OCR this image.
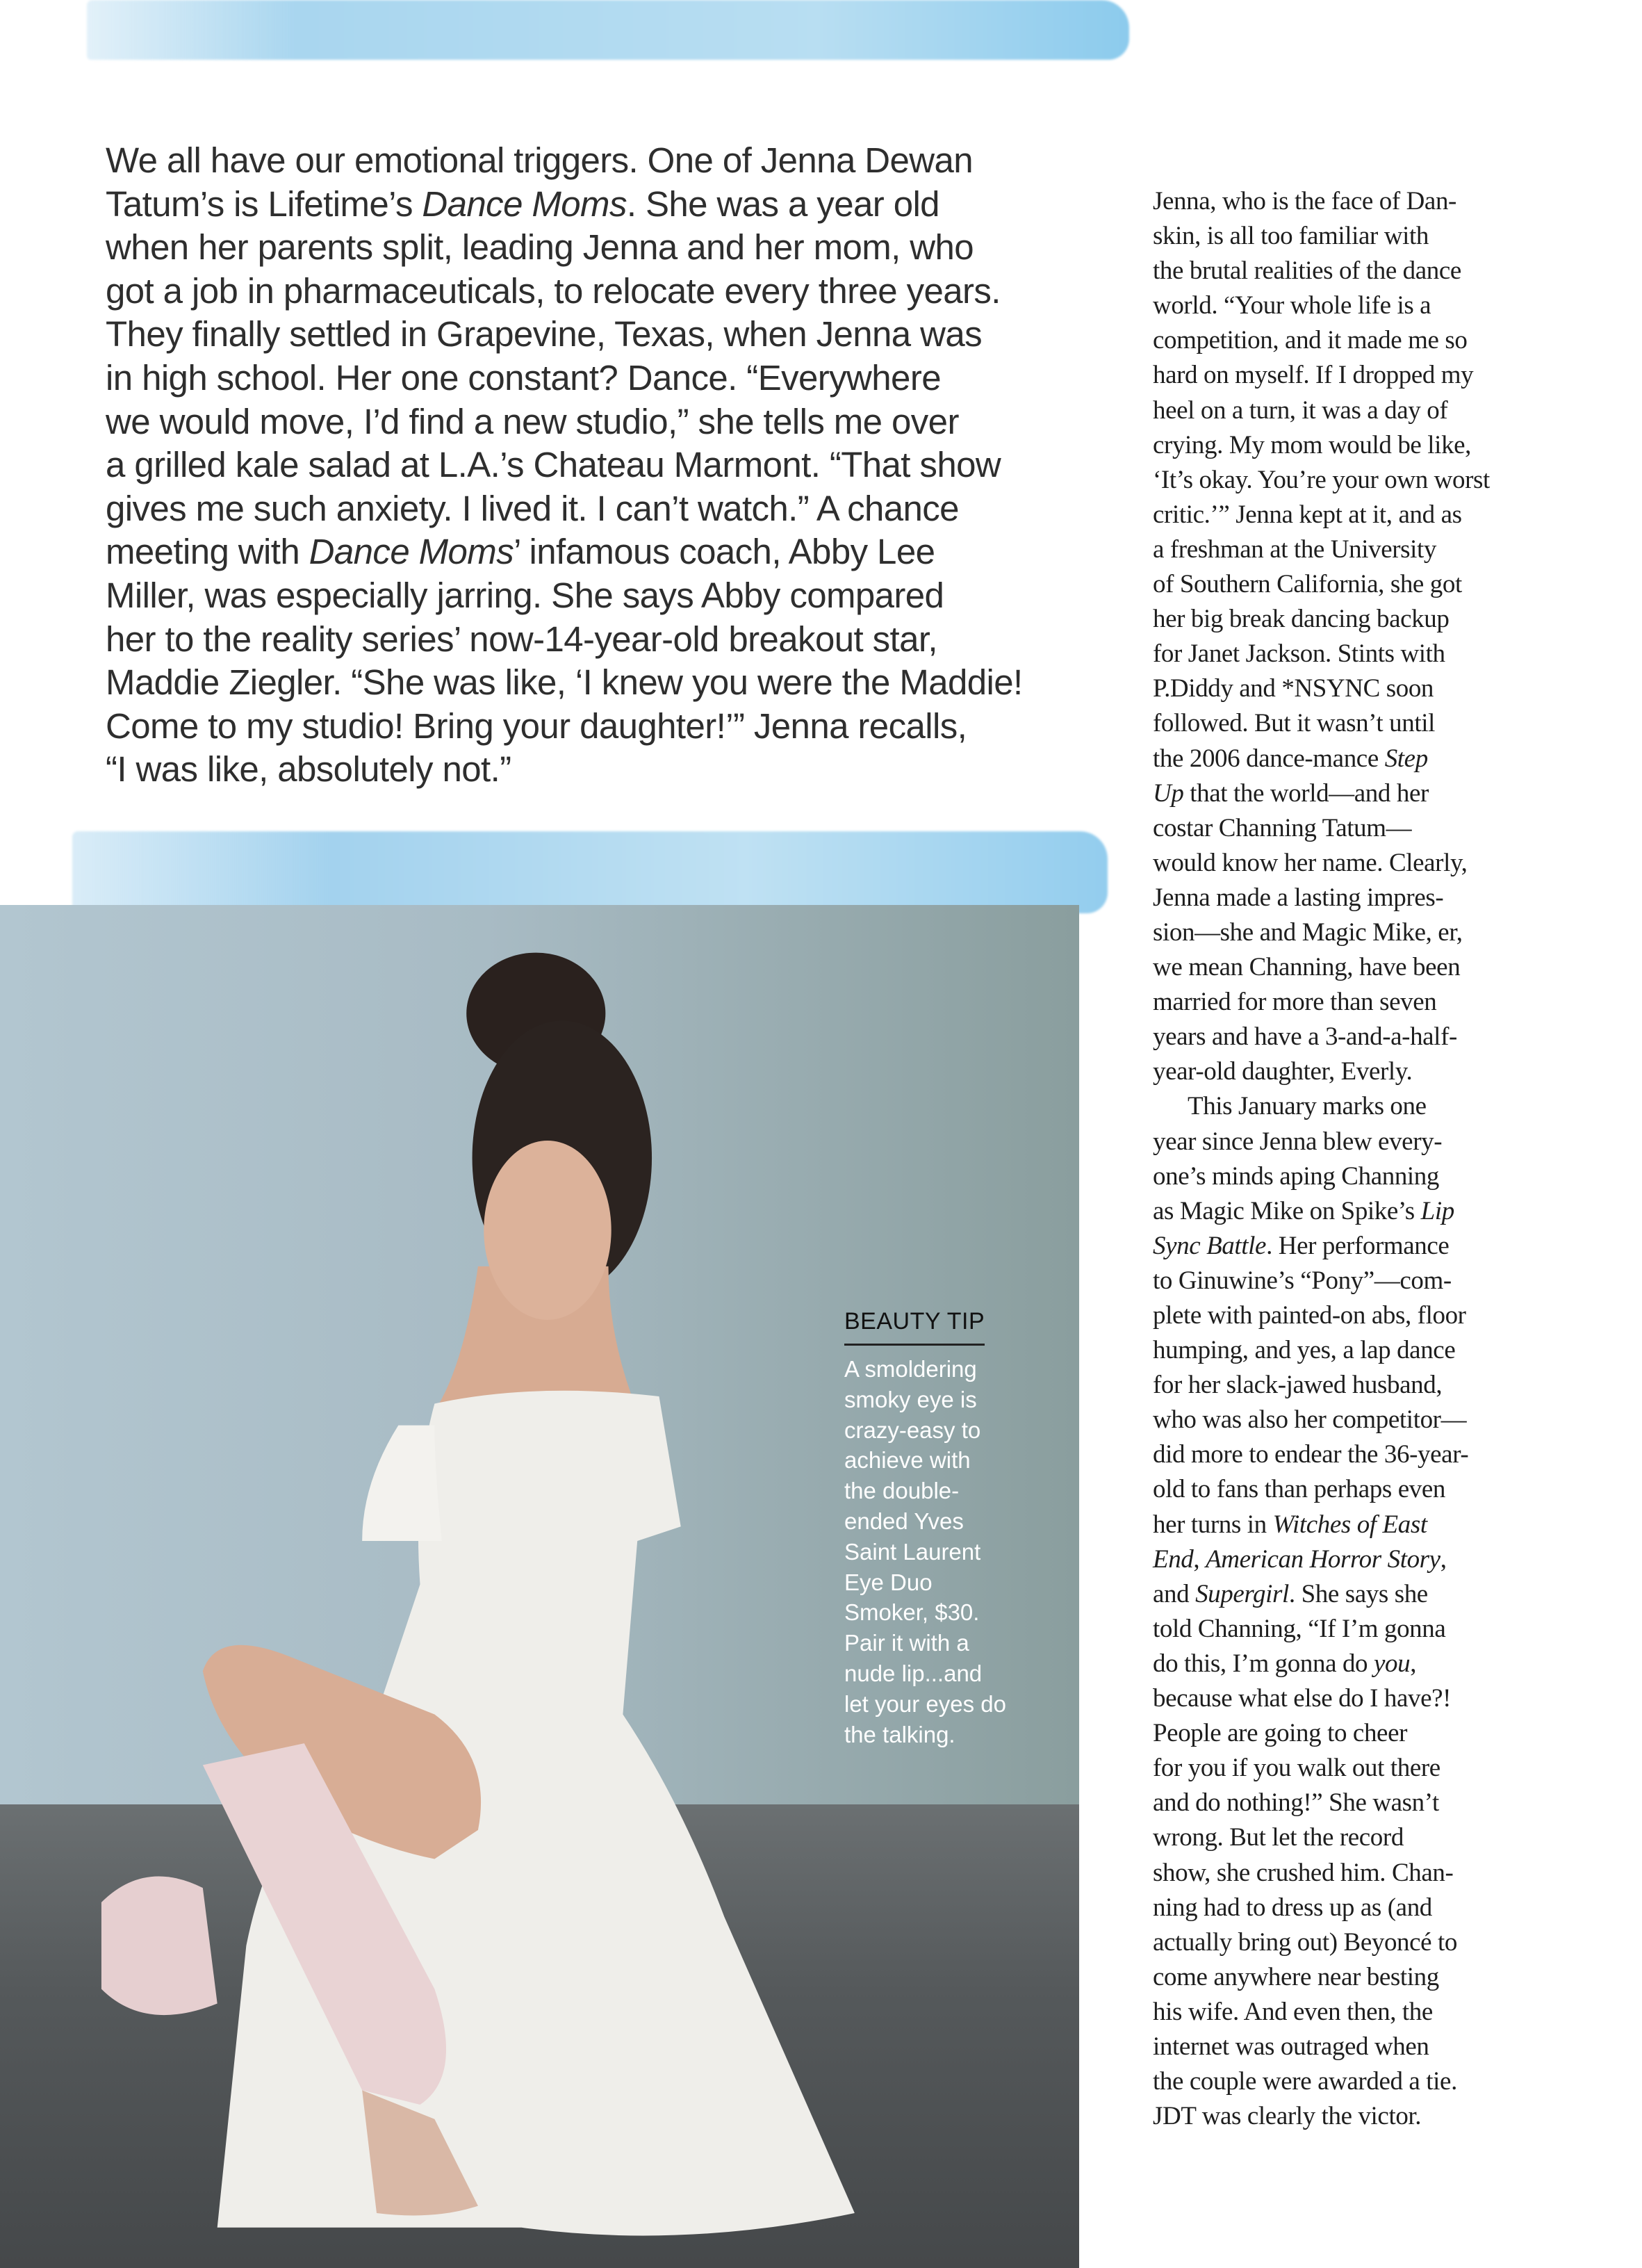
We all have our emotional triggers. One of Jenna Dewan
Tatum’s is Lifetime’s Dance Moms. She was a year old
when her parents split, leading Jenna and her mom, who
got a job in pharmaceuticals, to relocate every three years.
They finally settled in Grapevine, Texas, when Jenna was
in high school. Her one constant? Dance. “Everywhere
we would move, I’d find a new studio,” she tells me over
a grilled kale salad at L.A.’s Chateau Marmont. “That show
gives me such anxiety. I lived it. I can’t watch.” A chance
meeting with Dance Moms’ infamous coach, Abby Lee
Miller, was especially jarring. She says Abby compared
her to the reality series’ now-14-year-old breakout star,
Maddie Ziegler. “She was like, ‘I knew you were the Maddie!
Come to my studio! Bring your daughter!’” Jenna recalls,
“I was like, absolutely not.”
BEAUTY TIP
A smoldering
smoky eye is
crazy-easy to
achieve with
the double-
ended Yves
Saint Laurent
Eye Duo
Smoker, $30.
Pair it with a
nude lip...and
let your eyes do
the talking.
Jenna, who is the face of Dan-
skin, is all too familiar with
the brutal realities of the dance
world. “Your whole life is a
competition, and it made me so
hard on myself. If I dropped my
heel on a turn, it was a day of
crying. My mom would be like,
‘It’s okay. You’re your own worst
critic.’” Jenna kept at it, and as
a freshman at the University
of Southern California, she got
her big break dancing backup
for Janet Jackson. Stints with
P.Diddy and *NSYNC soon
followed. But it wasn’t until
the 2006 dance-mance Step
Up that the world—and her
costar Channing Tatum—
would know her name. Clearly,
Jenna made a lasting impres-
sion—she and Magic Mike, er,
we mean Channing, have been
married for more than seven
years and have a 3-and-a-half-
year-old daughter, Everly.
This January marks one
year since Jenna blew every-
one’s minds aping Channing
as Magic Mike on Spike’s Lip
Sync Battle. Her performance
to Ginuwine’s “Pony”—com-
plete with painted-on abs, floor
humping, and yes, a lap dance
for her slack-jawed husband,
who was also her competitor—
did more to endear the 36-year-
old to fans than perhaps even
her turns in Witches of East
End, American Horror Story,
and Supergirl. She says she
told Channing, “If I’m gonna
do this, I’m gonna do you,
because what else do I have?!
People are going to cheer
for you if you walk out there
and do nothing!” She wasn’t
wrong. But let the record
show, she crushed him. Chan-
ning had to dress up as (and
actually bring out) Beyoncé to
come anywhere near besting
his wife. And even then, the
internet was outraged when
the couple were awarded a tie.
JDT was clearly the victor.
